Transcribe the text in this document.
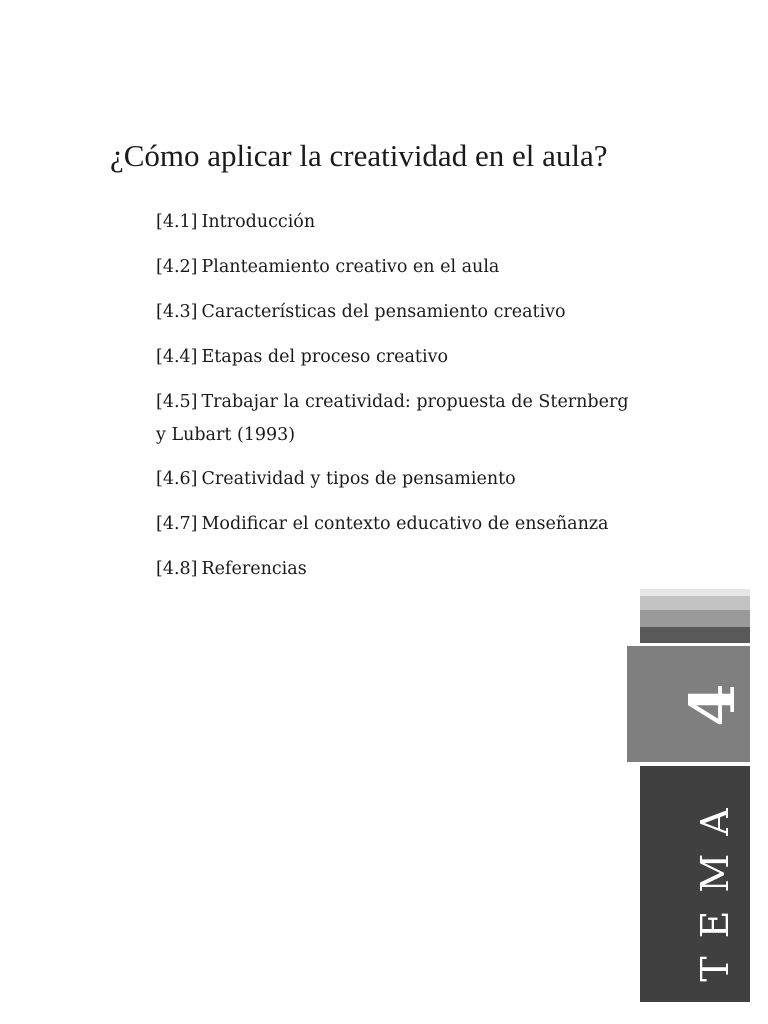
¿Cómo aplicar la creatividad en el aula?
[4.1] Introducción
[4.2] Planteamiento creativo en el aula
[4.3] Características del pensamiento creativo
[4.4] Etapas del proceso creativo
[4.5] Trabajar la creatividad: propuesta de Sternberg y Lubart (1993)
[4.6] Creatividad y tipos de pensamiento
[4.7] Modificar el contexto educativo de enseñanza
[4.8] Referencias
4
TEMA
